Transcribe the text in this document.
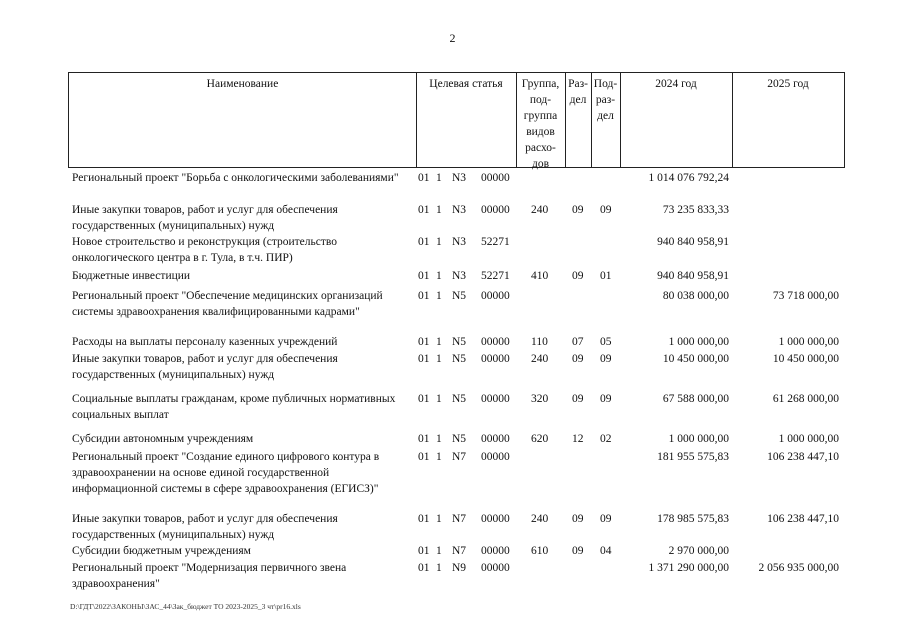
2
Наименование	Целевая статья	Группа,
под-
группа
видов
расхо-
дов
Раз-
дел
Под-
раз-
дел
2024 год	2025 год
Региональный проект "Борьба с онкологическими заболеваниями"	01 1 N3 00000	1 014 076 792,24
Иные закупки товаров, работ и услуг для обеспечения государственных (муниципальных) нужд
01 1 N3 00000 240 09 09	73 235 833,33
Новое строительство и реконструкция (строительство онкологического центра в г. Тула, в т.ч. ПИР)
01 1 N3 52271	940 840 958,91
Бюджетные инвестиции	01 1 N3 52271 410 09 01	940 840 958,91
Региональный проект "Обеспечение медицинских организаций системы здравоохранения квалифицированными кадрами"
01 1 N5 00000	80 038 000,00	73 718 000,00
Расходы на выплаты персоналу казенных учреждений	01 1 N5 00000 110 07 05	1 000 000,00	1 000 000,00
Иные закупки товаров, работ и услуг для обеспечения государственных (муниципальных) нужд
01 1 N5 00000 240 09 09	10 450 000,00	10 450 000,00
Социальные выплаты гражданам, кроме публичных нормативных социальных выплат
01 1 N5 00000 320 09 09	67 588 000,00	61 268 000,00
Субсидии автономным учреждениям	01 1 N5 00000 620 12 02	1 000 000,00	1 000 000,00
Региональный проект "Создание единого цифрового контура в здравоохранении на основе единой государственной информационной системы в сфере здравоохранения (ЕГИСЗ)"
01 1 N7 00000	181 955 575,83	106 238 447,10
Иные закупки товаров, работ и услуг для обеспечения государственных (муниципальных) нужд
01 1 N7 00000 240 09 09	178 985 575,83	106 238 447,10
Субсидии бюджетным учреждениям	01 1 N7 00000 610 09 04	2 970 000,00
Региональный проект "Модернизация первичного звена здравоохранения"
01 1 N9 00000	1 371 290 000,00	2 056 935 000,00
D:\ГДТ\2022\ЗАКОНЫ\ЗАС_44\Зак_бюджет ТО 2023-2025_3 чт\pr16.xls
